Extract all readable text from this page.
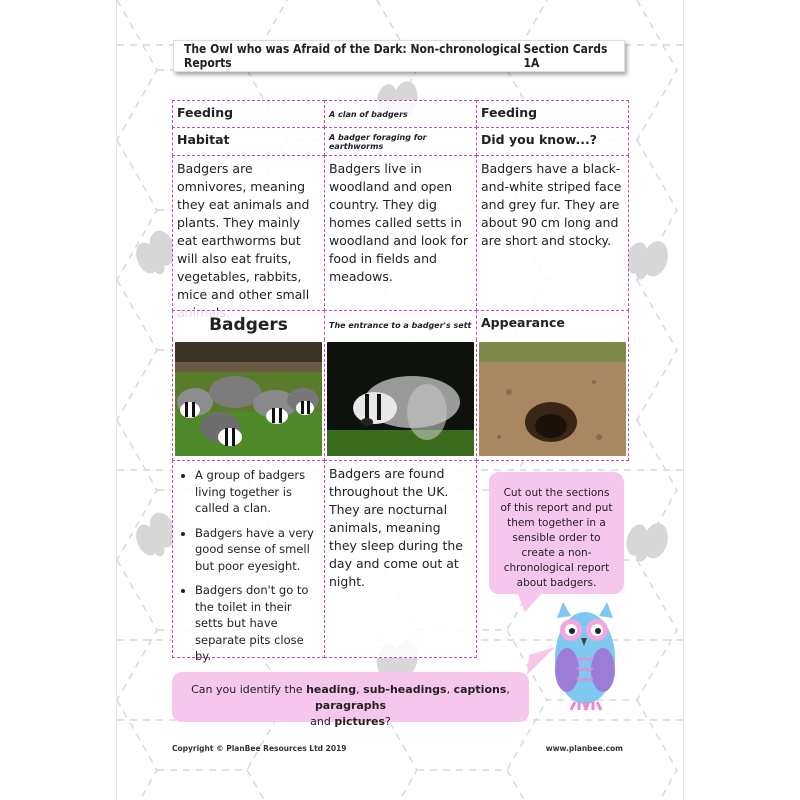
The Owl who was Afraid of the Dark: Non-chronological Reports
Section Cards 1A
Feeding	A clan of badgers	Feeding
Habitat	A badger foraging for earthworms	Did you know...?
Badgers are omnivores, meaning they eat animals and plants. They mainly eat earthworms but will also eat fruits, vegetables, rabbits, mice and other small
Badgers live in woodland and open country. They dig homes called setts in woodland and look for food in fields and meadows.
Badgers have a black-and-white striped face and grey fur. They are about 90 cm long and are short and stocky.
Badgers	The entrance to a badger's sett Appearance
• A group of badgers living together is called a clan.
• Badgers have a very good sense of smell but poor eyesight.
• Badgers don't go to the toilet in their setts but have separate pits close by.
Badgers are found throughout the UK. They are nocturnal animals, meaning they sleep during the day and come out at night.
Cut out the sections of this report and put them together in a sensible order to create a non-chronological report about badgers.
Can you identify the heading, sub-headings, captions, paragraphs
and pictures?
Copyright © PlanBee Resources Ltd 2019	www.planbee.com
